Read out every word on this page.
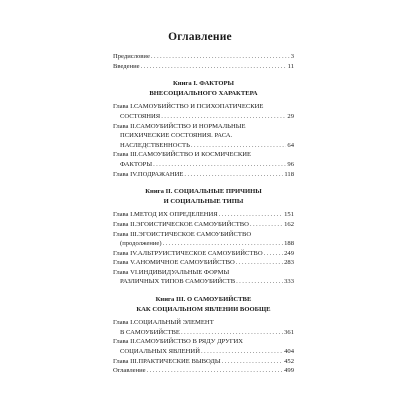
Оглавление
Предисловие .....	3
Введение .....	11
Книга I. ФАКТОРЫ
ВНЕСОЦИАЛЬНОГО ХАРАКТЕРА
Глава I.САМОУБИЙСТВО И ПСИХОПАТИЧЕСКИЕ
СОСТОЯНИЯ .....	29
Глава II.САМОУБИЙСТВО И НОРМАЛЬНЫЕ
ПСИХИЧЕСКИЕ СОСТОЯНИЯ. РАСА.
НАСЛЕДСТВЕННОСТЬ .....	64
Глава III.САМОУБИЙСТВО И КОСМИЧЕСКИЕ
ФАКТОРЫ .....	96
Глава IV.ПОДРАЖАНИЕ .....	118
Книга II. СОЦИАЛЬНЫЕ ПРИЧИНЫ
И СОЦИАЛЬНЫЕ ТИПЫ
Глава I.МЕТОД ИХ ОПРЕДЕЛЕНИЯ .....	151
Глава II.ЭГОИСТИЧЕСКОЕ САМОУБИЙСТВО .....	162
Глава III.ЭГОИСТИЧЕСКОЕ САМОУБИЙСТВО
(продолжение) .....	188
Глава IV.АЛЬТРУИСТИЧЕСКОЕ САМОУБИЙСТВО .....	249
Глава V.АНОМИЧНОЕ САМОУБИЙСТВО .....	283
Глава VI.ИНДИВИДУАЛЬНЫЕ ФОРМЫ
РАЗЛИЧНЫХ ТИПОВ САМОУБИЙСТВ .....	333
Книга III. О САМОУБИЙСТВЕ
КАК СОЦИАЛЬНОМ ЯВЛЕНИИ ВООБЩЕ
Глава I.СОЦИАЛЬНЫЙ ЭЛЕМЕНТ
В САМОУБИЙСТВЕ .....	361
Глава II.САМОУБИЙСТВО В РЯДУ ДРУГИХ
СОЦИАЛЬНЫХ ЯВЛЕНИЙ .....	404
Глава III.ПРАКТИЧЕСКИЕ ВЫВОДЫ .....	452
Оглавление .....	499
